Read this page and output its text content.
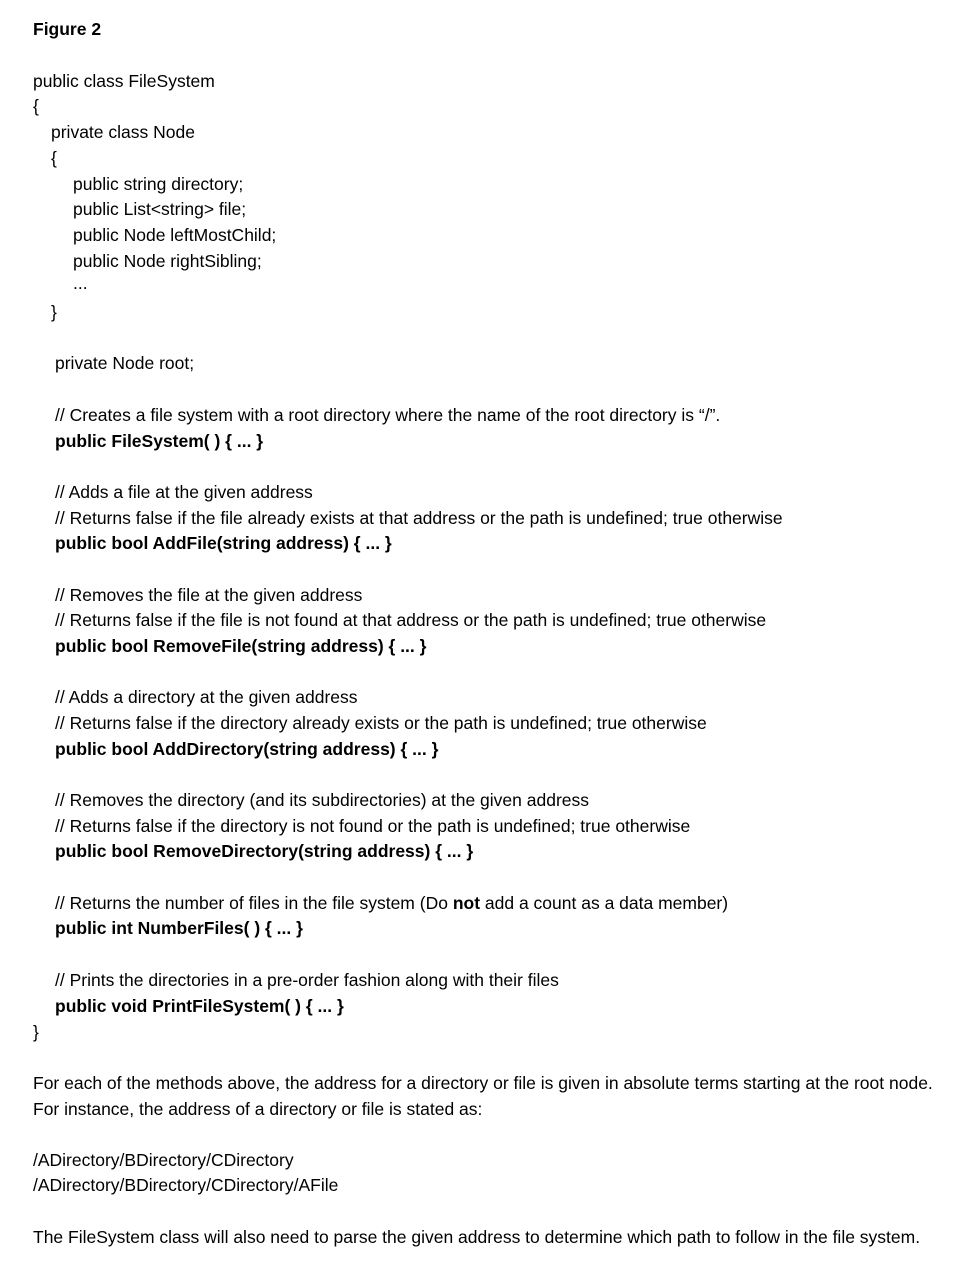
Figure 2
public class FileSystem
{
private class Node
{
public string directory;
public List<string> file;
public Node leftMostChild;
public Node rightSibling;
...
}
private Node root;
// Creates a file system with a root directory where the name of the root directory is “/”.
public FileSystem( ) { ... }
// Adds a file at the given address
// Returns false if the file already exists at that address or the path is undefined; true otherwise
public bool AddFile(string address) { ... }
// Removes the file at the given address
// Returns false if the file is not found at that address or the path is undefined; true otherwise
public bool RemoveFile(string address) { ... }
// Adds a directory at the given address
// Returns false if the directory already exists or the path is undefined; true otherwise
public bool AddDirectory(string address) { ... }
// Removes the directory (and its subdirectories) at the given address
// Returns false if the directory is not found or the path is undefined; true otherwise
public bool RemoveDirectory(string address) { ... }
// Returns the number of files in the file system (Do not add a count as a data member)
public int NumberFiles( ) { ... }
// Prints the directories in a pre-order fashion along with their files
public void PrintFileSystem( ) { ... }
}
For each of the methods above, the address for a directory or file is given in absolute terms starting at the root node. For instance, the address of a directory or file is stated as:
/ADirectory/BDirectory/CDirectory
/ADirectory/BDirectory/CDirectory/AFile
The FileSystem class will also need to parse the given address to determine which path to follow in the file system.
